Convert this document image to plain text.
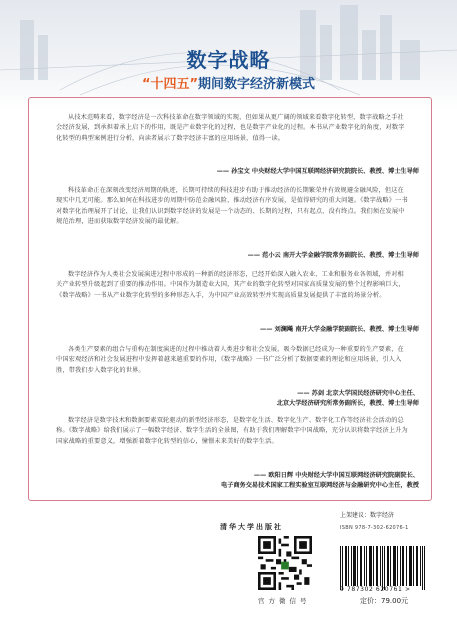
数字战略
“十四五”期间数字经济新模式
从技术范畴来看，数字经济是一次科技革命在数字领域的实现，但如果从更广阔的领域来看数字化转型，数字战略之手社会经济发展，到承担着承上启下的作用，既是产业数字化的过程，也是数字产业化的过程。本书从产业数字化的角度，对数字化转型的典型案例进行分析，向读者展示了数字经济丰富的应用场景，值得一读。
—— 孙宝文 中央财经大学中国互联网经济研究院院长、教授、博士生导师
科技革命正在深刻改变经济周期的轨迹，长期可持续的科技进步有助于推动经济的长期繁荣并有效规避金融风险，但这在现实中几无可能。那么如何在科技进步的周期中防范金融风险，推动经济有序发展，是值得研究的重大问题。《数字战略》一书对数字化治理展开了讨论，让我们认识到数字经济的发展是一个动态的、长期的过程，只有起点，没有终点。我们须在发展中规范治理，进而获取数字经济发展的最优解。
—— 范小云 南开大学金融学院常务副院长、教授、博士生导师
数字经济作为人类社会发展演进过程中形成的一种新的经济形态，已经开始深入融入农业、工业和服务业各领域，并对相关产业转型升级起到了重要的推动作用。中国作为制造业大国，其产业的数字化转型对国家高质量发展的整个过程影响巨大，《数字战略》一书从产业数字化转型的多种形态入手，为中国产业高效转型并实现高质量发展提供了丰富的场景分析。
—— 刘澜飚 南开大学金融学院副院长、教授、博士生导师
各类生产要素的组合与重构在制度演进的过程中推动着人类进步和社会发展，吸今数据已经成为一种重要的生产要素，在中国宏观经济和社会发展进程中发挥着越来越重要的作用，《数字战略》一书广泛分析了数据要素的理论和应用场景，引人入胜，带我们步入数字化的世界。
—— 苏剑 北京大学国民经济研究中心主任、
北京大学经济研究所常务副所长，教授、博士生导师
数字经济是数字技术和数据要素双轮驱动的新型经济形态，是数字化生活、数字化生产、数字化工作等经济社会活动的总称。《数字战略》给我们展示了一幅数字经济、数字生活的全景图，有助于我们理解数字中国战略，充分认识将数字经济上升为国家战略的重要意义，增强新着数字化转型的信心，憧憬未来美好的数字生活。
—— 欧阳日辉 中央财经大学中国互联网经济研究院副院长、
电子商务交易技术国家工程实验室互联网经济与金融研究中心主任，教授
上架建议：数字经济
清华大学出版社
官方微信号
ISBN 978-7-302-62076-1
9 787302 620761 >
定价：79.00元
